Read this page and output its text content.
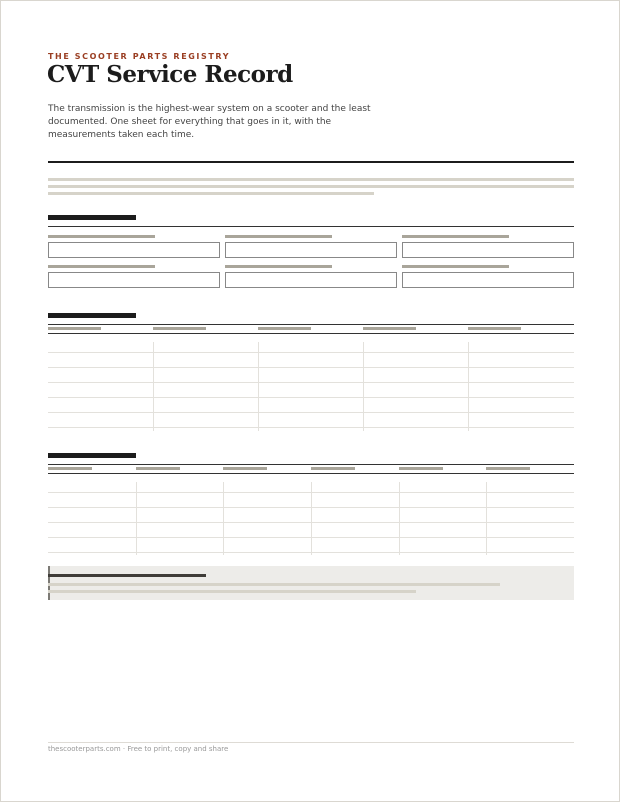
THE SCOOTER PARTS REGISTRY
CVT Service Record
The transmission is the highest-wear system on a scooter and the least documented. One sheet for everything that goes in it, with the measurements taken each time.
thescooterparts.com · Free to print, copy and share
